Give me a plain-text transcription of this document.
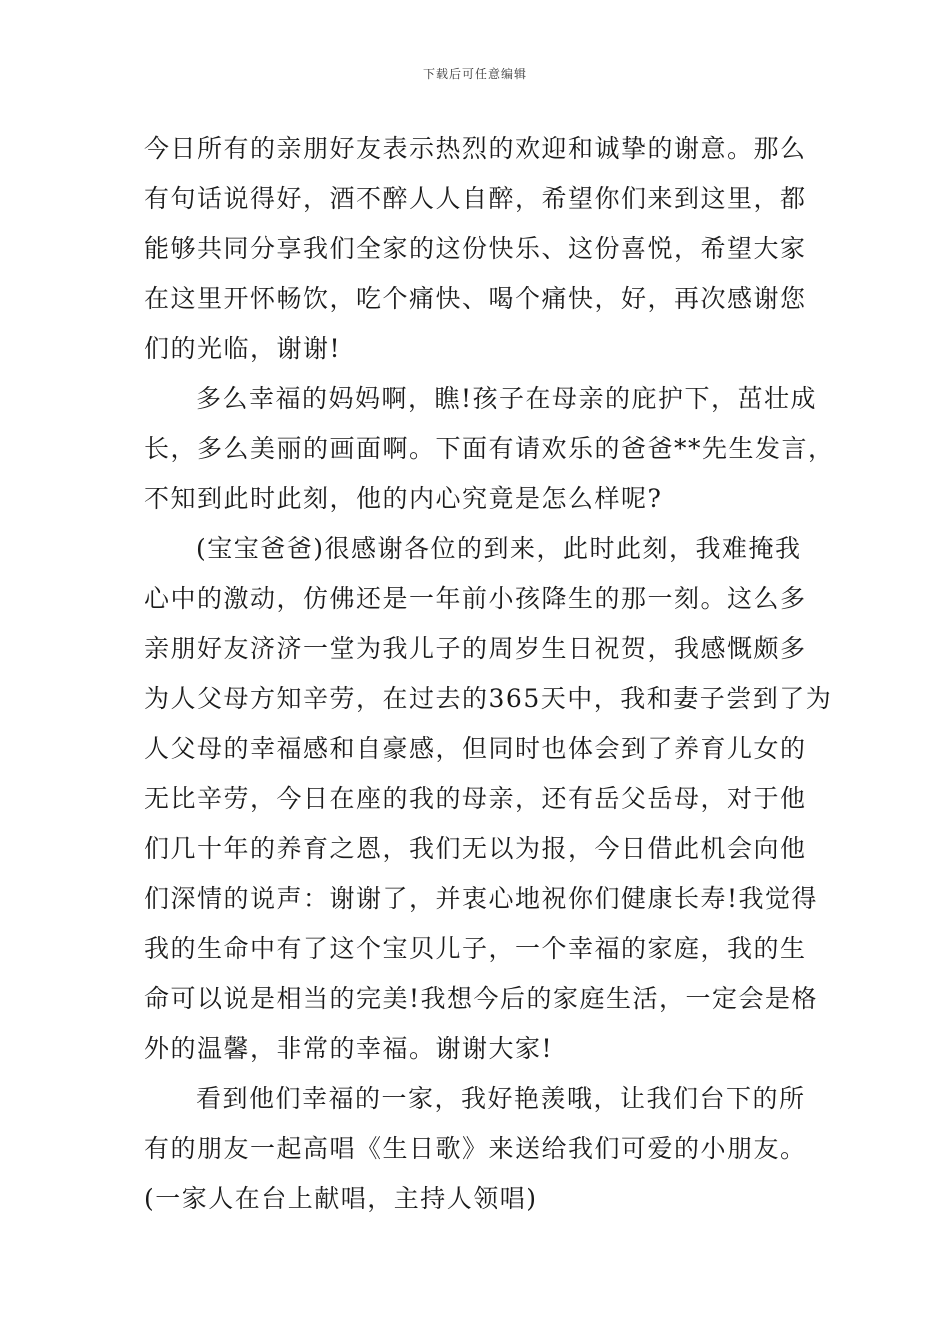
下载后可任意编辑
今日所有的亲朋好友表示热烈的欢迎和诚挚的谢意。那么
有句话说得好，酒不醉人人自醉，希望你们来到这里，都
能够共同分享我们全家的这份快乐、这份喜悦，希望大家
在这里开怀畅饮，吃个痛快、喝个痛快，好，再次感谢您
们的光临，谢谢!
多么幸福的妈妈啊，瞧!孩子在母亲的庇护下，茁壮成
长，多么美丽的画面啊。下面有请欢乐的爸爸**先生发言，
不知到此时此刻，他的内心究竟是怎么样呢?
(宝宝爸爸)很感谢各位的到来，此时此刻，我难掩我
心中的激动，仿佛还是一年前小孩降生的那一刻。这么多
亲朋好友济济一堂为我儿子的周岁生日祝贺，我感慨颇多
为人父母方知辛劳，在过去的365天中，我和妻子尝到了为
人父母的幸福感和自豪感，但同时也体会到了养育儿女的
无比辛劳，今日在座的我的母亲，还有岳父岳母，对于他
们几十年的养育之恩，我们无以为报，今日借此机会向他
们深情的说声：谢谢了，并衷心地祝你们健康长寿!我觉得
我的生命中有了这个宝贝儿子，一个幸福的家庭，我的生
命可以说是相当的完美!我想今后的家庭生活，一定会是格
外的温馨，非常的幸福。谢谢大家!
看到他们幸福的一家，我好艳羡哦，让我们台下的所
有的朋友一起高唱《生日歌》来送给我们可爱的小朋友。
(一家人在台上献唱，主持人领唱)
